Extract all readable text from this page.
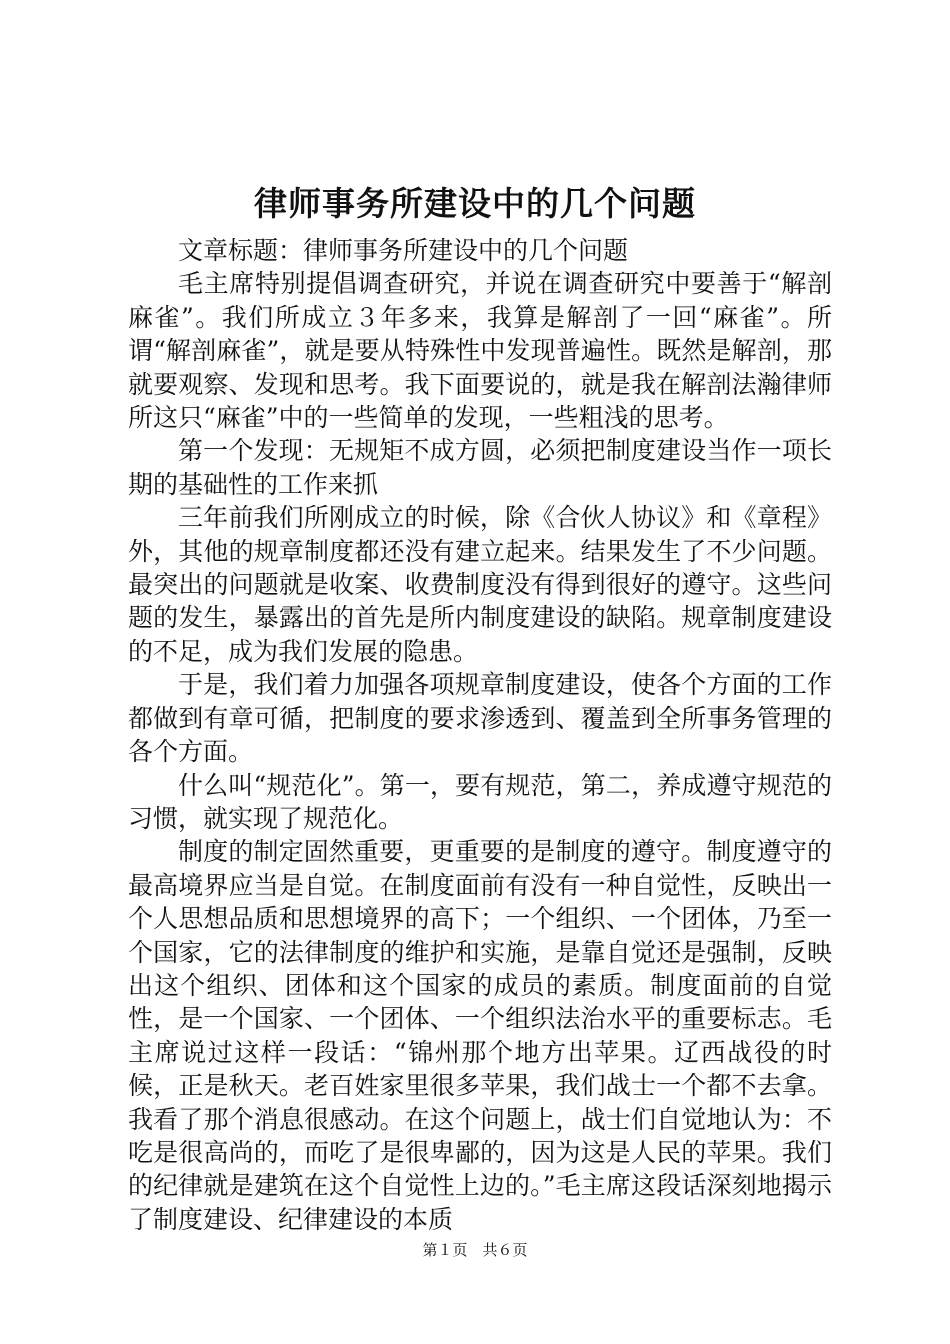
律师事务所建设中的几个问题

文章标题：律师事务所建设中的几个问题

毛主席特别提倡调查研究，并说在调查研究中要善于“解剖麻雀”。我们所成立３年多来，我算是解剖了一回“麻雀”。所谓“解剖麻雀”，就是要从特殊性中发现普遍性。既然是解剖，那就要观察、发现和思考。我下面要说的，就是我在解剖法瀚律师所这只“麻雀”中的一些简单的发现，一些粗浅的思考。

第一个发现：无规矩不成方圆，必须把制度建设当作一项长期的基础性的工作来抓

三年前我们所刚成立的时候，除《合伙人协议》和《章程》外，其他的规章制度都还没有建立起来。结果发生了不少问题。最突出的问题就是收案、收费制度没有得到很好的遵守。这些问题的发生，暴露出的首先是所内制度建设的缺陷。规章制度建设的不足，成为我们发展的隐患。

于是，我们着力加强各项规章制度建设，使各个方面的工作都做到有章可循，把制度的要求渗透到、覆盖到全所事务管理的各个方面。

什么叫“规范化”。第一，要有规范，第二，养成遵守规范的习惯，就实现了规范化。

制度的制定固然重要，更重要的是制度的遵守。制度遵守的最高境界应当是自觉。在制度面前有没有一种自觉性，反映出一个人思想品质和思想境界的高下；一个组织、一个团体，乃至一个国家，它的法律制度的维护和实施，是靠自觉还是强制，反映出这个组织、团体和这个国家的成员的素质。制度面前的自觉性，是一个国家、一个团体、一个组织法治水平的重要标志。毛主席说过这样一段话：“锦州那个地方出苹果。辽西战役的时候，正是秋天。老百姓家里很多苹果，我们战士一个都不去拿。我看了那个消息很感动。在这个问题上，战士们自觉地认为：不吃是很高尚的，而吃了是很卑鄙的，因为这是人民的苹果。我们的纪律就是建筑在这个自觉性上边的。”毛主席这段话深刻地揭示了制度建设、纪律建设的本质

第１页　共６页
